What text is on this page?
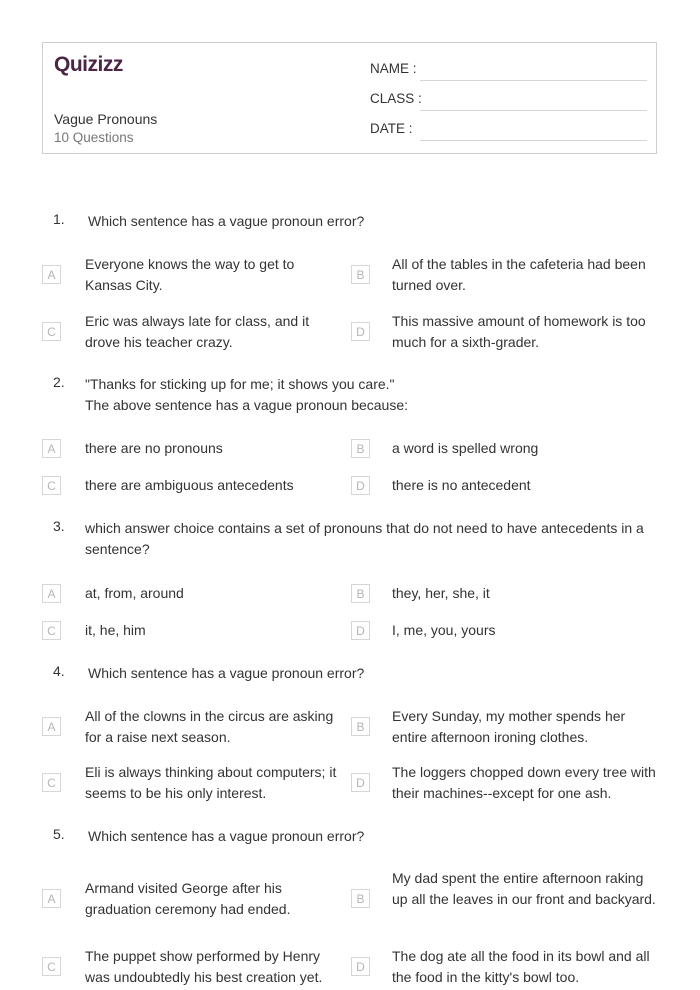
Quizizz
Vague Pronouns
10 Questions
NAME :
CLASS :
DATE :
1. Which sentence has a vague pronoun error?
A
Everyone knows the way to get to Kansas City.
B
All of the tables in the cafeteria had been turned over.
C
Eric was always late for class, and it drove his teacher crazy.
D
This massive amount of homework is too much for a sixth-grader.
2. "Thanks for sticking up for me; it shows you care."
The above sentence has a vague pronoun because:
A	there are no pronouns	B	a word is spelled wrong
C	there are ambiguous antecedents	D	there is no antecedent
3. which answer choice contains a set of pronouns that do not need to have antecedents in a sentence?
A	at, from, around	B	they, her, she, it
C	it, he, him	D	I, me, you, yours
4. Which sentence has a vague pronoun error?
A
All of the clowns in the circus are asking for a raise next season.
B
Every Sunday, my mother spends her entire afternoon ironing clothes.
C
Eli is always thinking about computers; it seems to be his only interest.
D
The loggers chopped down every tree with their machines--except for one ash.
5. Which sentence has a vague pronoun error?
A
Armand visited George after his graduation ceremony had ended.
B
My dad spent the entire afternoon raking up all the leaves in our front and backyard.
C
The puppet show performed by Henry was undoubtedly his best creation yet.
D
The dog ate all the food in its bowl and all the food in the kitty's bowl too.
